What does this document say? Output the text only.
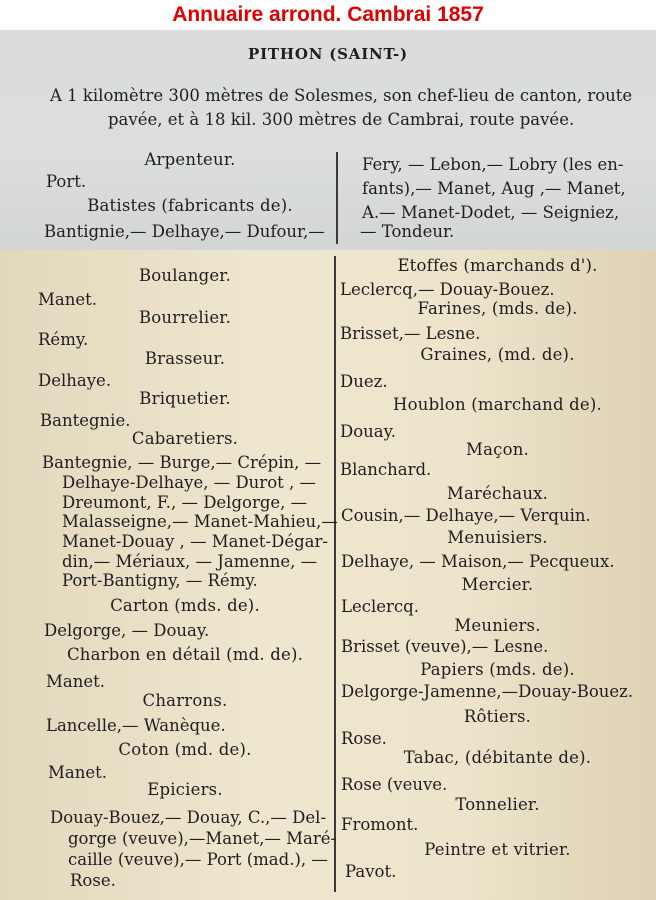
Annuaire arrond. Cambrai 1857
PITHON (SAINT-)
A 1 kilomètre 300 mètres de Solesmes, son chef-lieu de canton, route
pavée, et à 18 kil. 300 mètres de Cambrai, route pavée.
Arpenteur.
Port.
Batistes (fabricants de).
Bantignie,— Delhaye,— Dufour,—
Fery, — Lebon,— Lobry (les en-
fants),— Manet, Aug ,— Manet,
A.— Manet-Dodet, — Seigniez,
— Tondeur.
Boulanger.
Manet.
Bourrelier.
Rémy.
Brasseur.
Delhaye.
Briquetier.
Bantegnie.
Cabaretiers.
Bantegnie, — Burge,— Crépin, —
Delhaye-Delhaye, — Durot , —
Dreumont, F., — Delgorge, —
Malasseigne,— Manet-Mahieu,—
Manet-Douay , — Manet-Dégar-
din,— Mériaux, — Jamenne, —
Port-Bantigny, — Rémy.
Carton (mds. de).
Delgorge, — Douay.
Charbon en détail (md. de).
Manet.
Charrons.
Lancelle,— Wanèque.
Coton (md. de).
Manet.
Epiciers.
Douay-Bouez,— Douay, C.,— Del-
gorge (veuve),—Manet,— Maré-
caille (veuve),— Port (mad.), —
Rose.
Etoffes (marchands d').
Leclercq,— Douay-Bouez.
Farines, (mds. de).
Brisset,— Lesne.
Graines, (md. de).
Duez.
Houblon (marchand de).
Douay.
Maçon.
Blanchard.
Maréchaux.
Cousin,— Delhaye,— Verquin.
Menuisiers.
Delhaye, — Maison,— Pecqueux.
Mercier.
Leclercq.
Meuniers.
Brisset (veuve),— Lesne.
Papiers (mds. de).
Delgorge-Jamenne,—Douay-Bouez.
Rôtiers.
Rose.
Tabac, (débitante de).
Rose (veuve.
Tonnelier.
Fromont.
Peintre et vitrier.
Pavot.
